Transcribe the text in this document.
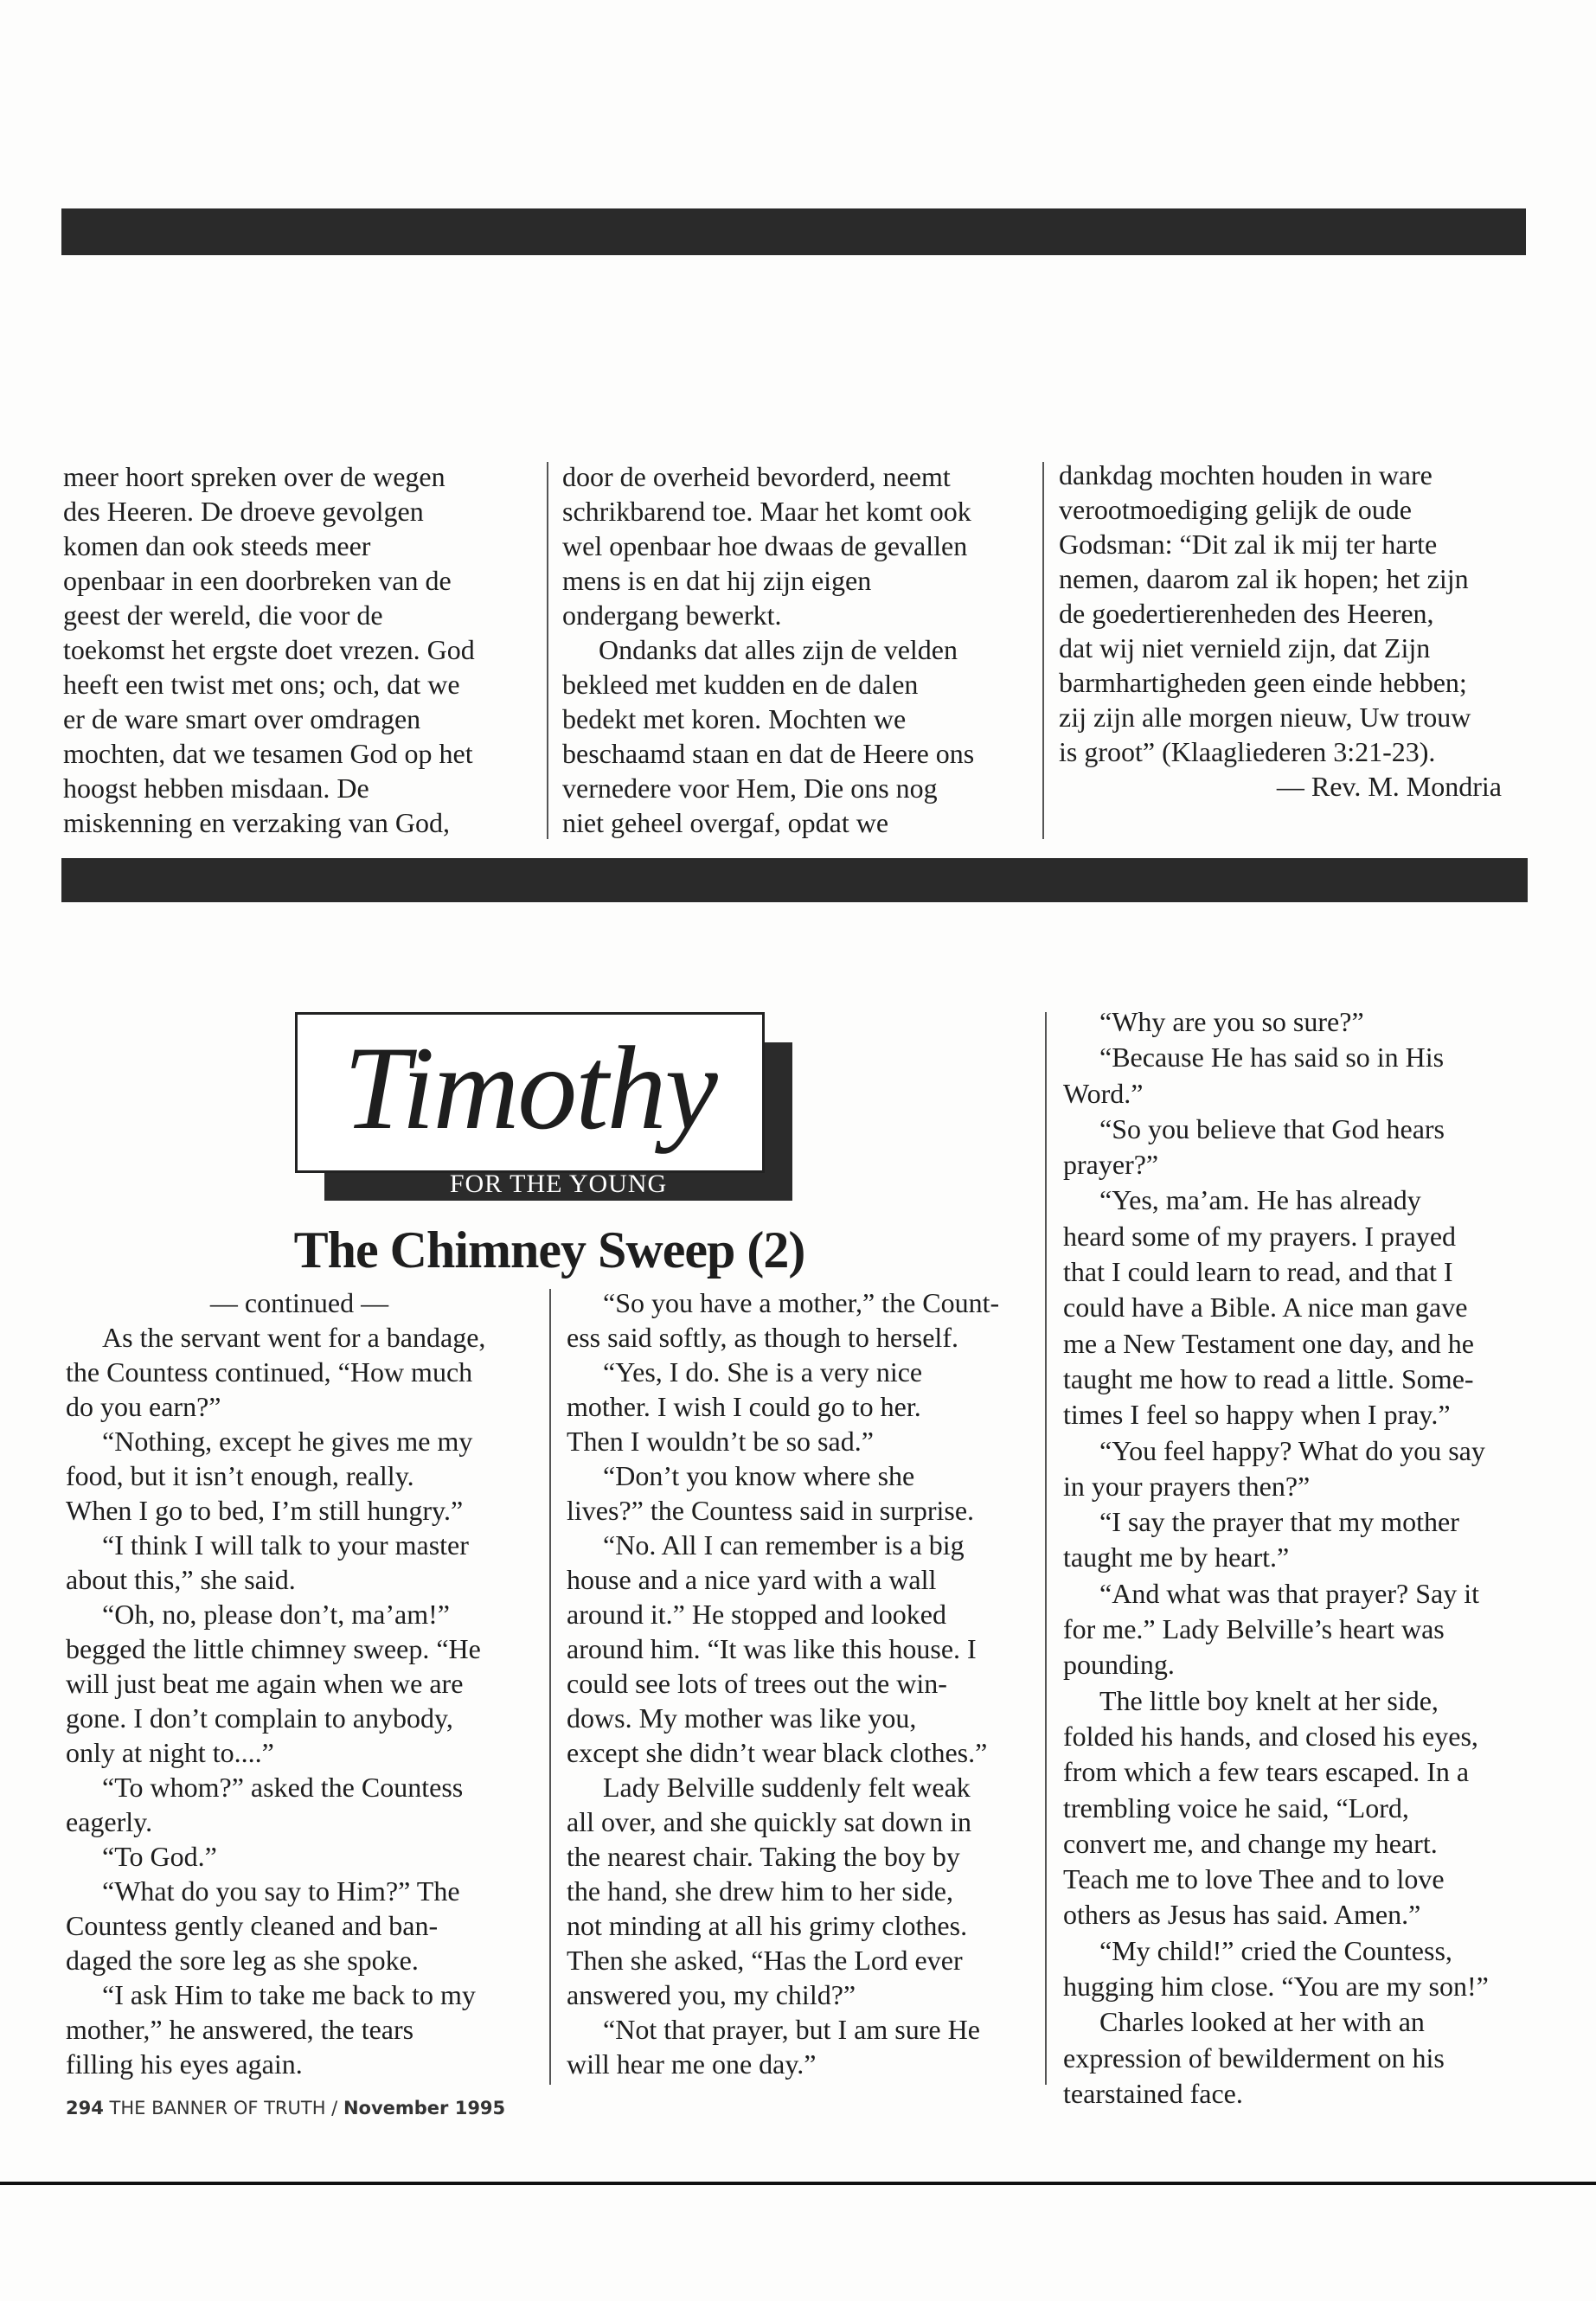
meer hoort spreken over de wegen
des Heeren. De droeve gevolgen
komen dan ook steeds meer
openbaar in een doorbreken van de
geest der wereld, die voor de
toekomst het ergste doet vrezen. God
heeft een twist met ons; och, dat we
er de ware smart over omdragen
mochten, dat we tesamen God op het
hoogst hebben misdaan. De
miskenning en verzaking van God,
door de overheid bevorderd, neemt
schrikbarend toe. Maar het komt ook
wel openbaar hoe dwaas de gevallen
mens is en dat hij zijn eigen
ondergang bewerkt.
Ondanks dat alles zijn de velden
bekleed met kudden en de dalen
bedekt met koren. Mochten we
beschaamd staan en dat de Heere ons
vernedere voor Hem, Die ons nog
niet geheel overgaf, opdat we
dankdag mochten houden in ware
verootmoediging gelijk de oude
Godsman: “Dit zal ik mij ter harte
nemen, daarom zal ik hopen; het zijn
de goedertierenheden des Heeren,
dat wij niet vernield zijn, dat Zijn
barmhartigheden geen einde hebben;
zij zijn alle morgen nieuw, Uw trouw
is groot” (Klaagliederen 3:21-23).
— Rev. M. Mondria
Timothy
FOR THE YOUNG
The Chimney Sweep (2)
— continued —
As the servant went for a bandage,
the Countess continued, “How much
do you earn?”
“Nothing, except he gives me my
food, but it isn’t enough, really.
When I go to bed, I’m still hungry.”
“I think I will talk to your master
about this,” she said.
“Oh, no, please don’t, ma’am!”
begged the little chimney sweep. “He
will just beat me again when we are
gone. I don’t complain to anybody,
only at night to....”
“To whom?” asked the Countess
eagerly.
“To God.”
“What do you say to Him?” The
Countess gently cleaned and ban-
daged the sore leg as she spoke.
“I ask Him to take me back to my
mother,” he answered, the tears
filling his eyes again.
“So you have a mother,” the Count-
ess said softly, as though to herself.
“Yes, I do. She is a very nice
mother. I wish I could go to her.
Then I wouldn’t be so sad.”
“Don’t you know where she
lives?” the Countess said in surprise.
“No. All I can remember is a big
house and a nice yard with a wall
around it.” He stopped and looked
around him. “It was like this house. I
could see lots of trees out the win-
dows. My mother was like you,
except she didn’t wear black clothes.”
Lady Belville suddenly felt weak
all over, and she quickly sat down in
the nearest chair. Taking the boy by
the hand, she drew him to her side,
not minding at all his grimy clothes.
Then she asked, “Has the Lord ever
answered you, my child?”
“Not that prayer, but I am sure He
will hear me one day.”
“Why are you so sure?”
“Because He has said so in His
Word.”
“So you believe that God hears
prayer?”
“Yes, ma’am. He has already
heard some of my prayers. I prayed
that I could learn to read, and that I
could have a Bible. A nice man gave
me a New Testament one day, and he
taught me how to read a little. Some-
times I feel so happy when I pray.”
“You feel happy? What do you say
in your prayers then?”
“I say the prayer that my mother
taught me by heart.”
“And what was that prayer? Say it
for me.” Lady Belville’s heart was
pounding.
The little boy knelt at her side,
folded his hands, and closed his eyes,
from which a few tears escaped. In a
trembling voice he said, “Lord,
convert me, and change my heart.
Teach me to love Thee and to love
others as Jesus has said. Amen.”
“My child!” cried the Countess,
hugging him close. “You are my son!”
Charles looked at her with an
expression of bewilderment on his
tearstained face.
294 THE BANNER OF TRUTH / November 1995
